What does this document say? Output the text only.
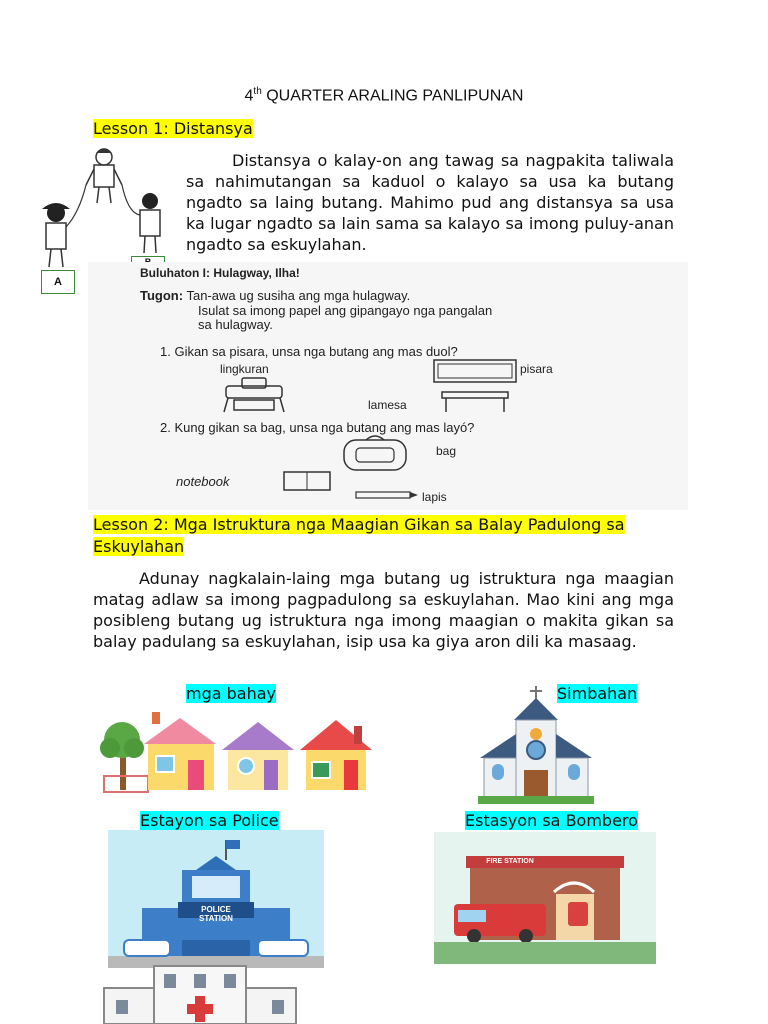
4th QUARTER ARALING PANLIPUNAN
Lesson 1: Distansya
A
Distansya o kalay-on ang tawag sa nagpakita taliwala sa nahimutangan sa kaduol o kalayo sa usa ka butang ngadto sa laing butang. Mahimo pud ang distansya sa usa ka lugar ngadto sa lain sama sa kalayo sa imong puluy-anan ngadto sa eskuylahan.
Buluhaton I: Hulagway, Ilha!
Tugon: Tan-awa ug susiha ang mga hulagway.
Isulat sa imong papel ang gipangayo nga pangalan
sa hulagway.
1. Gikan sa pisara, unsa nga butang ang mas duol?
lingkuran	pisara
lamesa
2. Kung gikan sa bag, unsa nga butang ang mas layó?
bag
notebook
lapis
Lesson 2: Mga Istruktura nga Maagian Gikan sa Balay Padulong sa Eskuylahan
Adunay nagkalain-laing mga butang ug istruktura nga maagian matag adlaw sa imong pagpadulong sa eskuylahan. Mao kini ang mga posibleng butang ug istruktura nga imong maagian o makita gikan sa balay padulang sa eskuylahan, isip usa ka giya aron dili ka masaag.
mga bahay	Simbahan
Estayon sa Police	Estasyon sa Bombero
POLICE STATION
FIRE STATION
